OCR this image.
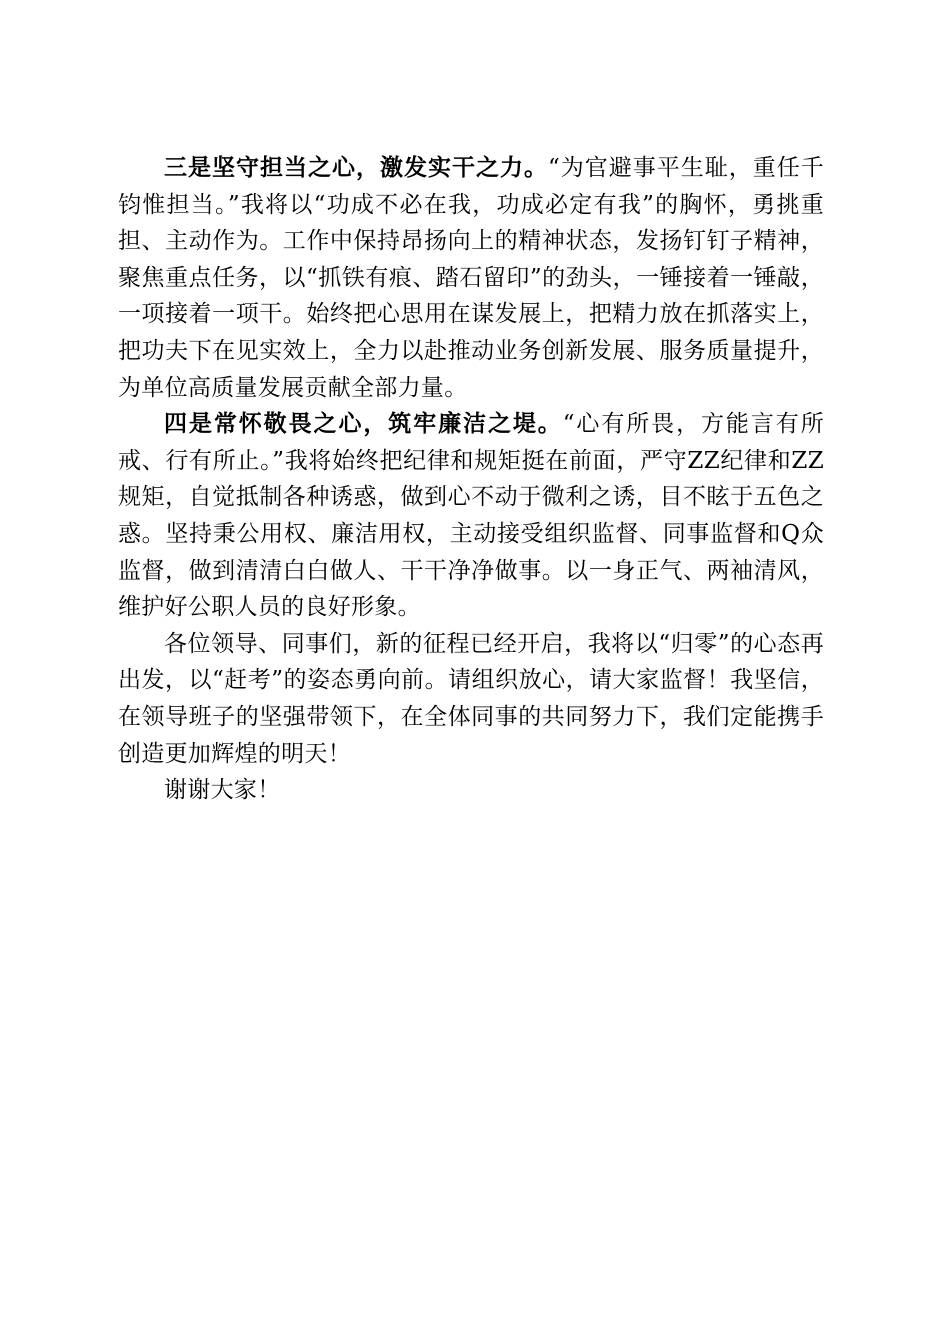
三是坚守担当之心，激发实干之力。“为官避事平生耻，重任千钧惟担当。”我将以“功成不必在我，功成必定有我”的胸怀，勇挑重担、主动作为。工作中保持昂扬向上的精神状态，发扬钉钉子精神，聚焦重点任务，以“抓铁有痕、踏石留印”的劲头，一锤接着一锤敲，一项接着一项干。始终把心思用在谋发展上，把精力放在抓落实上，把功夫下在见实效上，全力以赴推动业务创新发展、服务质量提升，为单位高质量发展贡献全部力量。

四是常怀敬畏之心，筑牢廉洁之堤。“心有所畏，方能言有所戒、行有所止。”我将始终把纪律和规矩挺在前面，严守ZZ纪律和ZZ规矩，自觉抵制各种诱惑，做到心不动于微利之诱，目不眩于五色之惑。坚持秉公用权、廉洁用权，主动接受组织监督、同事监督和Q众监督，做到清清白白做人、干干净净做事。以一身正气、两袖清风，维护好公职人员的良好形象。

各位领导、同事们，新的征程已经开启，我将以“归零”的心态再出发，以“赶考”的姿态勇向前。请组织放心，请大家监督！我坚信，在领导班子的坚强带领下，在全体同事的共同努力下，我们定能携手创造更加辉煌的明天！

谢谢大家！
